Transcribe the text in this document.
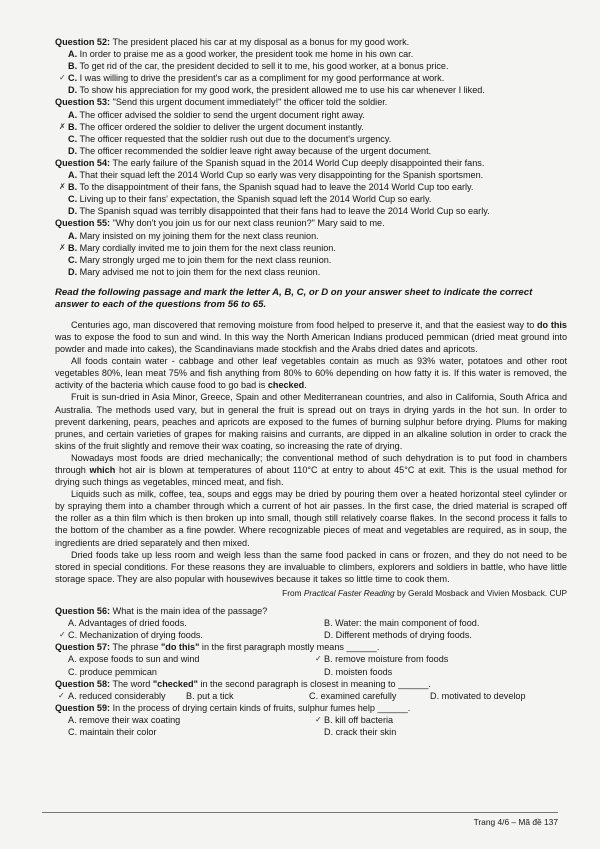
Question 52: The president placed his car at my disposal as a bonus for my good work.
A. In order to praise me as a good worker, the president took me home in his own car.
B. To get rid of the car, the president decided to sell it to me, his good worker, at a bonus price.
✓ C. I was willing to drive the president's car as a compliment for my good performance at work.
D. To show his appreciation for my good work, the president allowed me to use his car whenever I liked.
Question 53: "Send this urgent document immediately!" the officer told the soldier.
A. The officer advised the soldier to send the urgent document right away.
✗ B. The officer ordered the soldier to deliver the urgent document instantly.
C. The officer requested that the soldier rush out due to the document's urgency.
D. The officer recommended the soldier leave right away because of the urgent document.
Question 54: The early failure of the Spanish squad in the 2014 World Cup deeply disappointed their fans.
A. That their squad left the 2014 World Cup so early was very disappointing for the Spanish sportsmen.
✗ B. To the disappointment of their fans, the Spanish squad had to leave the 2014 World Cup too early.
C. Living up to their fans' expectation, the Spanish squad left the 2014 World Cup so early.
D. The Spanish squad was terribly disappointed that their fans had to leave the 2014 World Cup so early.
Question 55: "Why don't you join us for our next class reunion?" Mary said to me.
A. Mary insisted on my joining them for the next class reunion.
✗ B. Mary cordially invited me to join them for the next class reunion.
C. Mary strongly urged me to join them for the next class reunion.
D. Mary advised me not to join them for the next class reunion.
Read the following passage and mark the letter A, B, C, or D on your answer sheet to indicate the correct answer to each of the questions from 56 to 65.

Centuries ago, man discovered that removing moisture from food helped to preserve it, and that the easiest way to do this was to expose the food to sun and wind. In this way the North American Indians produced pemmican (dried meat ground into powder and made into cakes), the Scandinavians made stockfish and the Arabs dried dates and apricots.

All foods contain water - cabbage and other leaf vegetables contain as much as 93% water, potatoes and other root vegetables 80%, lean meat 75% and fish anything from 80% to 60% depending on how fatty it is. If this water is removed, the activity of the bacteria which cause food to go bad is checked.

Fruit is sun-dried in Asia Minor, Greece, Spain and other Mediterranean countries, and also in California, South Africa and Australia. The methods used vary, but in general the fruit is spread out on trays in drying yards in the hot sun. In order to prevent darkening, pears, peaches and apricots are exposed to the fumes of burning sulphur before drying. Plums for making prunes, and certain varieties of grapes for making raisins and currants, are dipped in an alkaline solution in order to crack the skins of the fruit slightly and remove their wax coating, so increasing the rate of drying.

Nowadays most foods are dried mechanically; the conventional method of such dehydration is to put food in chambers through which hot air is blown at temperatures of about 110°C at entry to about 45°C at exit. This is the usual method for drying such things as vegetables, minced meat, and fish.

Liquids such as milk, coffee, tea, soups and eggs may be dried by pouring them over a heated horizontal steel cylinder or by spraying them into a chamber through which a current of hot air passes. In the first case, the dried material is scraped off the roller as a thin film which is then broken up into small, though still relatively coarse flakes. In the second process it falls to the bottom of the chamber as a fine powder. Where recognizable pieces of meat and vegetables are required, as in soup, the ingredients are dried separately and then mixed.

Dried foods take up less room and weigh less than the same food packed in cans or frozen, and they do not need to be stored in special conditions. For these reasons they are invaluable to climbers, explorers and soldiers in battle, who have little storage space. They are also popular with housewives because it takes so little time to cook them.

From Practical Faster Reading by Gerald Mosback and Vivien Mosback. CUP
Question 56: What is the main idea of the passage?
A. Advantages of dried foods.	B. Water: the main component of food.
✓ C. Mechanization of drying foods.	D. Different methods of drying foods.
Question 57: The phrase "do this" in the first paragraph mostly means ______.
A. expose foods to sun and wind	✓ B. remove moisture from foods
C. produce pemmican	D. moisten foods
Question 58: The word "checked" in the second paragraph is closest in meaning to ______.
✓ A. reduced considerably	B. put a tick	C. examined carefully	D. motivated to develop
Question 59: In the process of drying certain kinds of fruits, sulphur fumes help ______.
A. remove their wax coating	✓ B. kill off bacteria
C. maintain their color	D. crack their skin
Trang 4/6 – Mã đề 137
